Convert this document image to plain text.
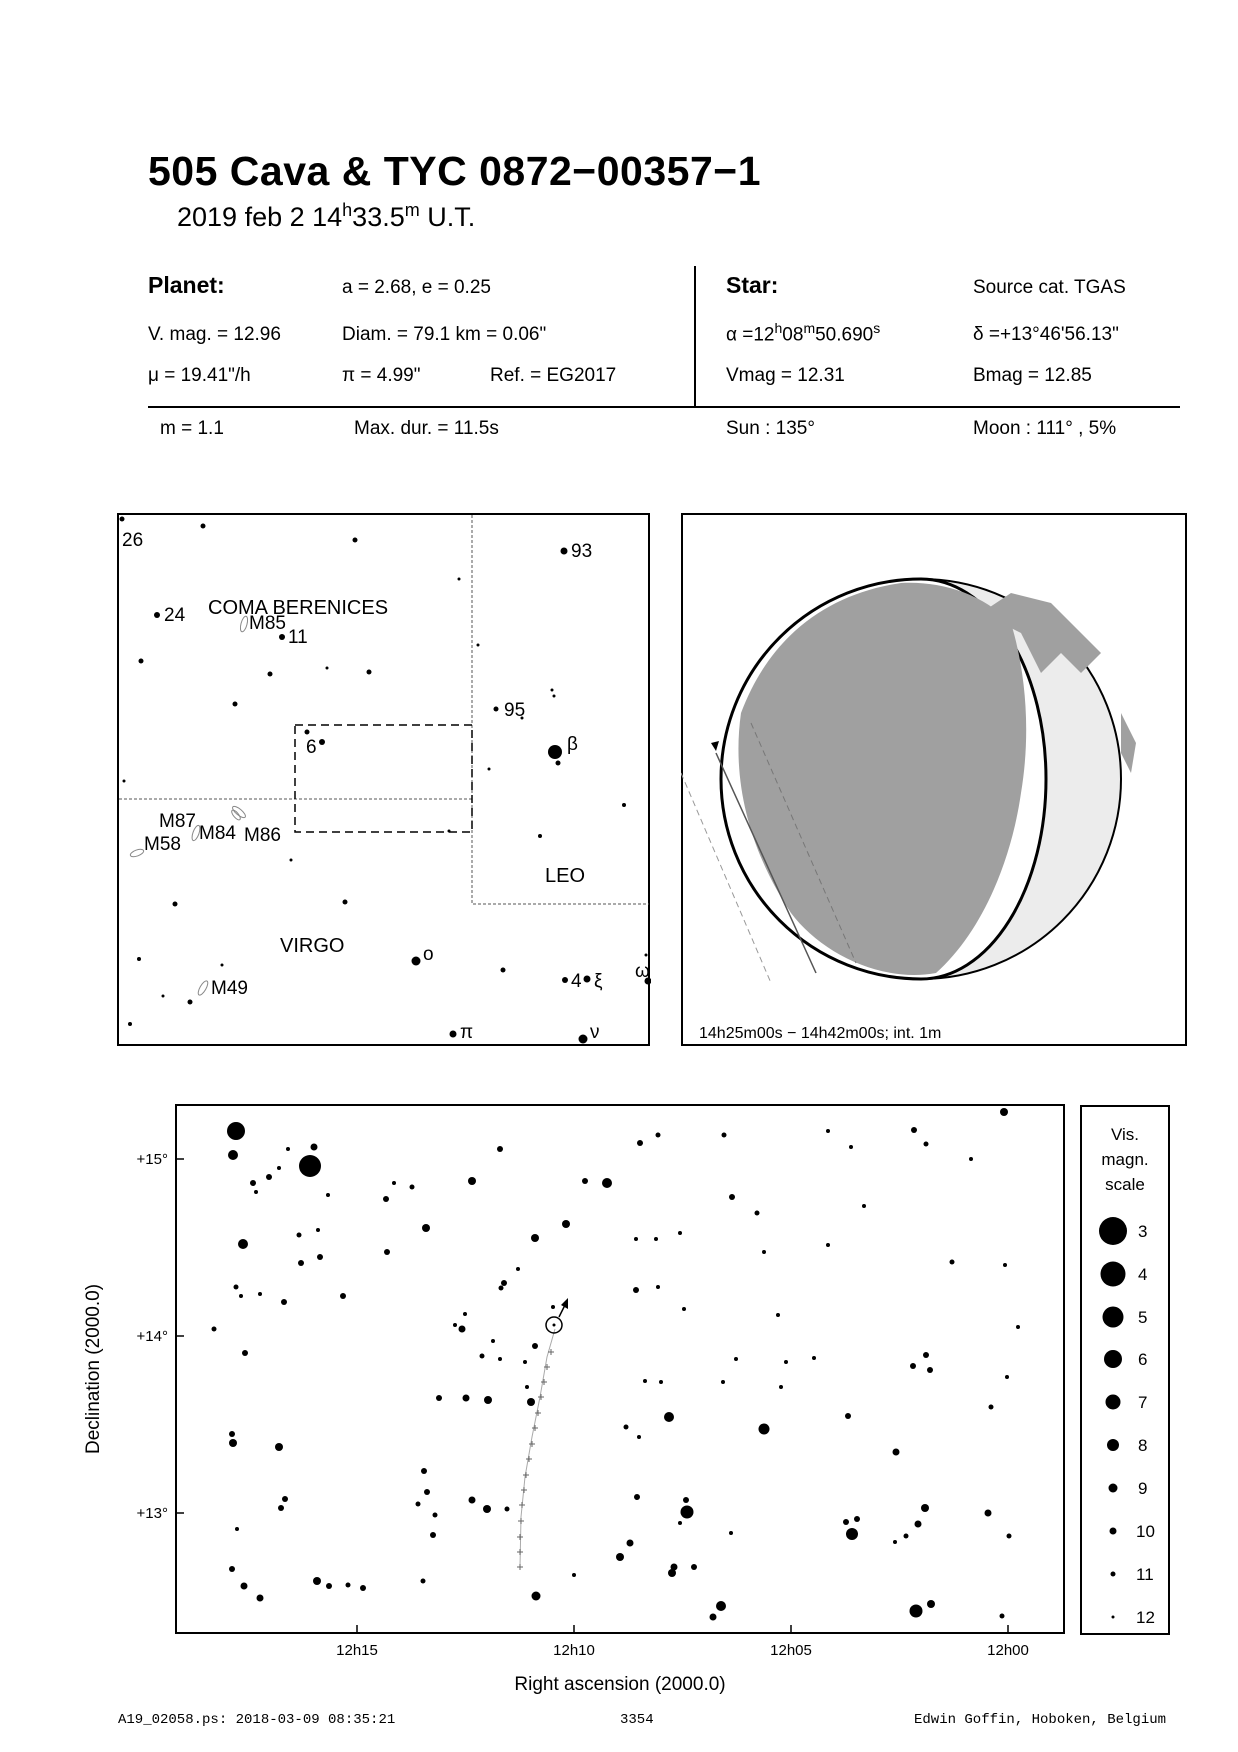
505 Cava & TYC 0872−00357−1
2019 feb 2 14$^h$33.5$^m$ U.T.
Planet:	a = 2.68, e = 0.25
V. mag. = 12.96	Diam. = 79.1 km = 0.06"
μ = 19.41"/h	π = 4.99"	Ref. = EG2017
m = 1.1	Max. dur. = 11.5s
Star:	Source cat. TGAS
$\alpha =12^h08^m50.690^s$	δ =+13°46'56.13"
Vmag = 12.31	Bmag = 12.85
Sun : 135°	Moon : 111° , 5%
26
24	M85
11
93
95
β
6
M87
M84 M86
M58
M49
ο
4 ξ ω
π	ν
COMA BERENICES
LEO
VIRGO
14h25m00s − 14h42m00s; int. 1m
+15°
+14°
+13°
12h15	12h10	12h05	12h00
Right ascension (2000.0)
Declination (2000.0)
Vis.
magn.
scale
3
4
5
6
7
8
9
10
11
12
A19_02058.ps: 2018-03-09 08:35:21	3354	Edwin Goffin, Hoboken, Belgium
